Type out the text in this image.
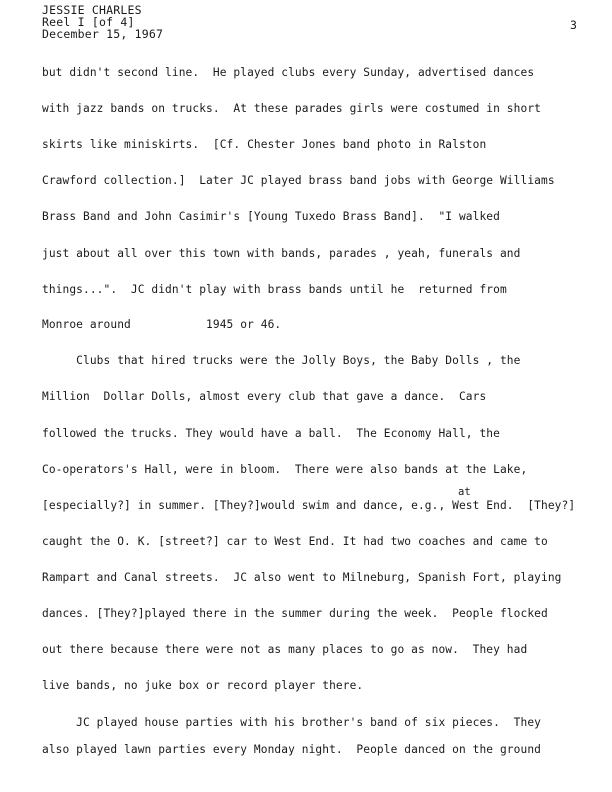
JESSIE CHARLES
Reel I [of 4]
December 15, 1967
3
but didn't second line.  He played clubs every Sunday, advertised dances
with jazz bands on trucks.  At these parades girls were costumed in short
skirts like miniskirts.  [Cf. Chester Jones band photo in Ralston
Crawford collection.]  Later JC played brass band jobs with George Williams
Brass Band and John Casimir's [Young Tuxedo Brass Band].  "I walked
just about all over this town with bands, parades , yeah, funerals and
things...".  JC didn't play with brass bands until he  returned from
Monroe around           1945 or 46.
Clubs that hired trucks were the Jolly Boys, the Baby Dolls , the
Million  Dollar Dolls, almost every club that gave a dance.  Cars
followed the trucks. They would have a ball.  The Economy Hall, the
Co-operators's Hall, were in bloom.  There were also bands at the Lake,
at
[especially?] in summer. [They?]would swim and dance, e.g., West End.  [They?]
caught the O. K. [street?] car to West End. It had two coaches and came to
Rampart and Canal streets.  JC also went to Milneburg, Spanish Fort, playing
dances. [They?]played there in the summer during the week.  People flocked
out there because there were not as many places to go as now.  They had
live bands, no juke box or record player there.
JC played house parties with his brother's band of six pieces.  They
also played lawn parties every Monday night.  People danced on the ground
